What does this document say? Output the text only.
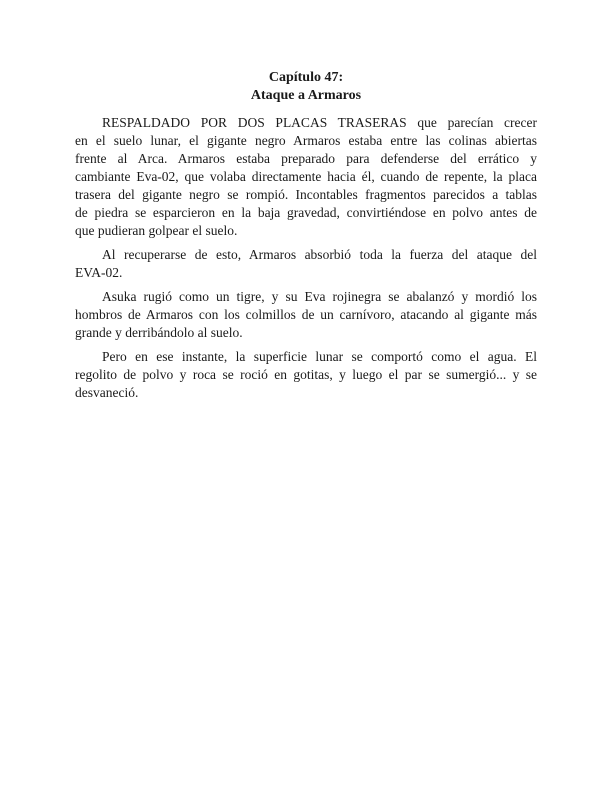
Capítulo 47:
Ataque a Armaros
RESPALDADO POR DOS PLACAS TRASERAS que parecían crecer
en el suelo lunar, el gigante negro Armaros estaba entre las colinas abiertas
frente al Arca. Armaros estaba preparado para defenderse del errático y
cambiante Eva-02, que volaba directamente hacia él, cuando de repente, la placa
trasera del gigante negro se rompió. Incontables fragmentos parecidos a tablas
de piedra se esparcieron en la baja gravedad, convirtiéndose en polvo antes de
que pudieran golpear el suelo.
Al recuperarse de esto, Armaros absorbió toda la fuerza del ataque del
EVA-02.
Asuka rugió como un tigre, y su Eva rojinegra se abalanzó y mordió los
hombros de Armaros con los colmillos de un carnívoro, atacando al gigante más
grande y derribándolo al suelo.
Pero en ese instante, la superficie lunar se comportó como el agua. El
regolito de polvo y roca se roció en gotitas, y luego el par se sumergió... y se
desvaneció.
